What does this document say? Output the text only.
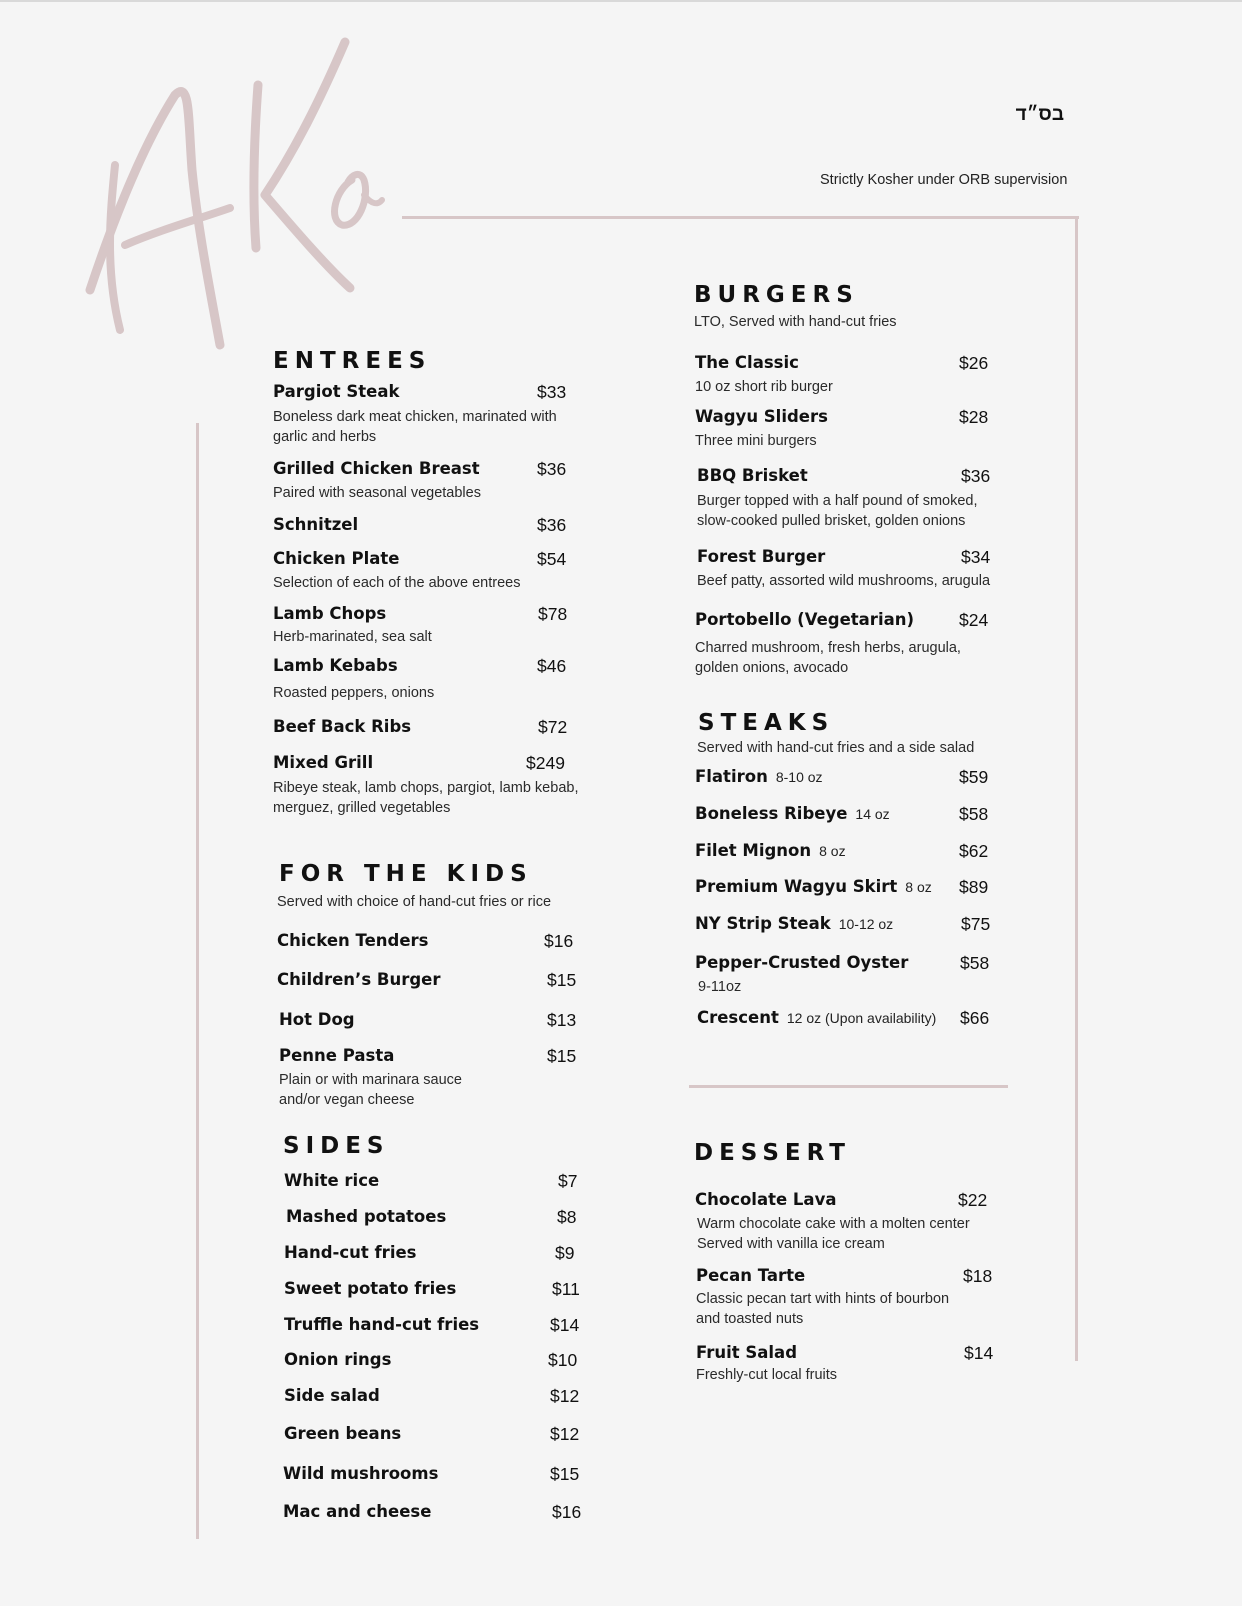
בס״ד
Strictly Kosher under ORB supervision
ENTREES
Pargiot Steak	$33
Boneless dark meat chicken, marinated with
garlic and herbs
Grilled Chicken Breast	$36
Paired with seasonal vegetables
Schnitzel	$36
Chicken Plate	$54
Selection of each of the above entrees
Lamb Chops	$78
Herb-marinated, sea salt
Lamb Kebabs	$46
Roasted peppers, onions
Beef Back Ribs	$72
Mixed Grill	$249
Ribeye steak, lamb chops, pargiot, lamb kebab,
merguez, grilled vegetables
FOR THE KIDS
Served with choice of hand-cut fries or rice
Chicken Tenders	$16
Children’s Burger	$15
Hot Dog	$13
Penne Pasta	$15
Plain or with marinara sauce
and/or vegan cheese
SIDES
White rice	$7
Mashed potatoes	$8
Hand-cut fries	$9
Sweet potato fries	$11
Truffle hand-cut fries	$14
Onion rings	$10
Side salad	$12
Green beans	$12
Wild mushrooms	$15
Mac and cheese	$16
BURGERS
LTO, Served with hand-cut fries
The Classic	$26
10 oz short rib burger
Wagyu Sliders	$28
Three mini burgers
BBQ Brisket	$36
Burger topped with a half pound of smoked,
slow-cooked pulled brisket, golden onions
Forest Burger	$34
Beef patty, assorted wild mushrooms, arugula
Portobello (Vegetarian)	$24
Charred mushroom, fresh herbs, arugula,
golden onions, avocado
STEAKS
Served with hand-cut fries and a side salad
Flatiron 8-10 oz	$59
Boneless Ribeye 14 oz	$58
Filet Mignon 8 oz	$62
Premium Wagyu Skirt 8 oz $89
NY Strip Steak 10-12 oz	$75
Pepper-Crusted Oyster	$58
9-11oz
Crescent 12 oz (Upon availability) $66
DESSERT
Chocolate Lava	$22
Warm chocolate cake with a molten center
Served with vanilla ice cream
Pecan Tarte	$18
Classic pecan tart with hints of bourbon
and toasted nuts
Fruit Salad	$14
Freshly-cut local fruits
